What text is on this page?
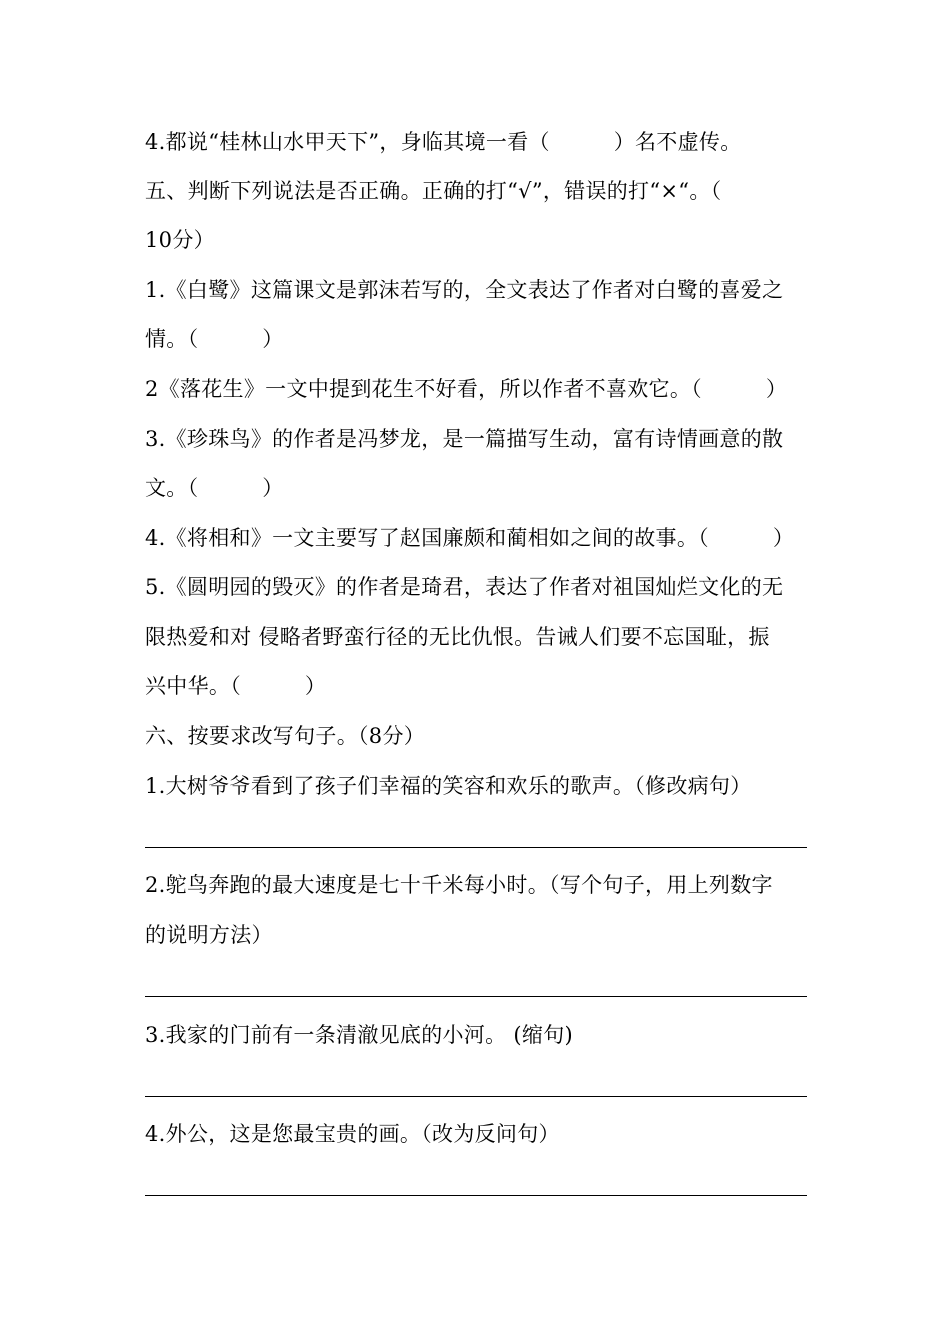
4.都说“桂林山水甲天下”，身临其境一看（　　　）名不虚传。
五、判断下列说法是否正确。正确的打“√”，错误的打“×“。（
10分）
1.《白鹭》这篇课文是郭沫若写的，全文表达了作者对白鹭的喜爱之
情。（　　　）
2《落花生》一文中提到花生不好看，所以作者不喜欢它。（　　　）
3.《珍珠鸟》的作者是冯梦龙，是一篇描写生动，富有诗情画意的散
文。（　　　）
4.《将相和》一文主要写了赵国廉颇和蔺相如之间的故事。（　　　）
5.《圆明园的毁灭》的作者是琦君，表达了作者对祖国灿烂文化的无
限热爱和对 侵略者野蛮行径的无比仇恨。告诫人们要不忘国耻，振
兴中华。（　　　）
六、按要求改写句子。（8分）
1.大树爷爷看到了孩子们幸福的笑容和欢乐的歌声。（修改病句）
2.鸵鸟奔跑的最大速度是七十千米每小时。（写个句子，用上列数字
的说明方法）
3.我家的门前有一条清澈见底的小河。 (缩句)
4.外公，这是您最宝贵的画。（改为反问句）
